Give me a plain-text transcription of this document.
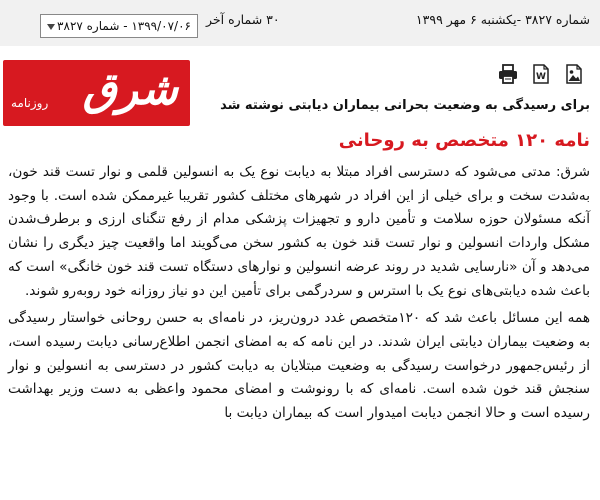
شماره ۳۸۲۷ -یکشنبه ۶ مهر ۱۳۹۹
۳۰ شماره آخر
۱۳۹۹/۰۷/۰۶ - شماره ۳۸۲۷
شرق
روزنامه
W
برای رسیدگی به وضعیت بحرانی بیماران دیابتی نوشته شد
نامه ۱۲۰ متخصص به روحانی

شرق: مدتی می‌شود که دسترسی افراد مبتلا به دیابت نوع یک به انسولین قلمی و نوار تست قند خون، به‌شدت سخت و برای خیلی از این افراد در شهرهای مختلف کشور تقریبا غیرممکن شده است. با وجود آنکه مسئولان حوزه سلامت و تأمین دارو و تجهیزات پزشکی مدام از رفع تنگنای ارزی و برطرف‌شدن مشکل واردات انسولین و نوار تست قند خون به کشور سخن می‌گویند اما واقعیت چیز دیگری را نشان می‌دهد و آن «نارسایی شدید در روند عرضه انسولین و نوارهای دستگاه تست قند خون خانگی» است که باعث شده دیابتی‌های نوع یک با استرس و سردرگمی برای تأمین این دو نیاز روزانه خود روبه‌رو شوند.

همه این مسائل باعث شد که ۱۲۰متخصص غدد درون‌ریز، در نامه‌ای به حسن روحانی خواستار رسیدگی به وضعیت بیماران دیابتی ایران شدند. در این نامه که به امضای انجمن اطلاع‌رسانی دیابت رسیده است، از رئیس‌جمهور درخواست رسیدگی به وضعیت مبتلایان به دیابت کشور در دسترسی به انسولین و نوار سنجش قند خون شده است. نامه‌ای که با رونوشت و امضای محمود واعظی به دست وزیر بهداشت رسیده است و حالا انجمن دیابت امیدوار است که بیماران دیابت با
